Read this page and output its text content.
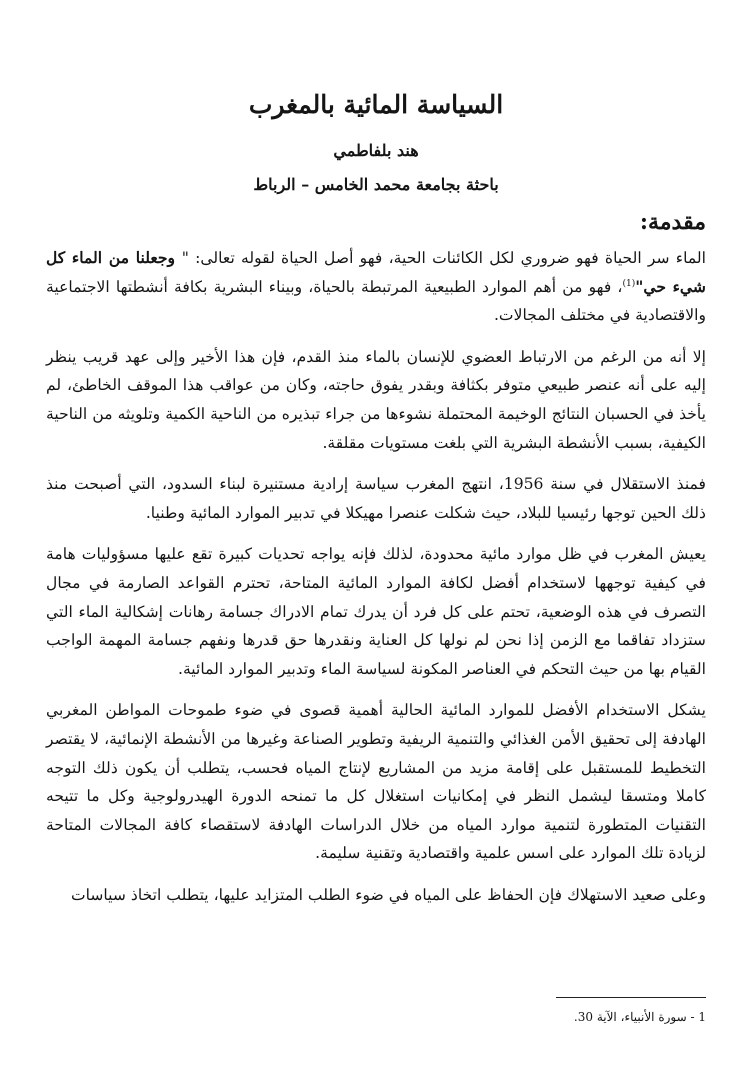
السياسة المائية بالمغرب
هند بلفاطمي
باحثة بجامعة محمد الخامس – الرباط
مقدمة:

الماء سر الحياة فهو ضروري لكل الكائنات الحية، فهو أصل الحياة لقوله تعالى: " وجعلنا من الماء كل شيء حي"$^{(1)}$، فهو من أهم الموارد الطبيعية المرتبطة بالحياة، وبيناء البشرية بكافة أنشطتها الاجتماعية والاقتصادية في مختلف المجالات.

إلا أنه من الرغم من الارتباط العضوي للإنسان بالماء منذ القدم، فإن هذا الأخير وإلى عهد قريب ينظر إليه على أنه عنصر طبيعي متوفر بكثافة وبقدر يفوق حاجته، وكان من عواقب هذا الموقف الخاطئ، لم يأخذ في الحسبان النتائج الوخيمة المحتملة نشوءها من جراء تبذيره من الناحية الكمية وتلويثه من الناحية الكيفية، بسبب الأنشطة البشرية التي بلغت مستويات مقلقة.

فمنذ الاستقلال في سنة 1956، انتهج المغرب سياسة إرادية مستنيرة لبناء السدود، التي أصبحت منذ ذلك الحين توجها رئيسيا للبلاد، حيث شكلت عنصرا مهيكلا في تدبير الموارد المائية وطنيا.

يعيش المغرب في ظل موارد مائية محدودة، لذلك فإنه يواجه تحديات كبيرة تقع عليها مسؤوليات هامة في كيفية توجهها لاستخدام أفضل لكافة الموارد المائية المتاحة، تحترم القواعد الصارمة في مجال التصرف في هذه الوضعية، تحتم على كل فرد أن يدرك تمام الادراك جسامة رهانات إشكالية الماء التي ستزداد تفاقما مع الزمن إذا نحن لم نولها كل العناية ونقدرها حق قدرها ونفهم جسامة المهمة الواجب القيام بها من حيث التحكم في العناصر المكونة لسياسة الماء وتدبير الموارد المائية.

يشكل الاستخدام الأفضل للموارد المائية الحالية أهمية قصوى في ضوء طموحات المواطن المغربي الهادفة إلى تحقيق الأمن الغذائي والتنمية الريفية وتطوير الصناعة وغيرها من الأنشطة الإنمائية، لا يقتصر التخطيط للمستقبل على إقامة مزيد من المشاريع لإنتاج المياه فحسب، يتطلب أن يكون ذلك التوجه كاملا ومتسقا ليشمل النظر في إمكانيات استغلال كل ما تمنحه الدورة الهيدرولوجية وكل ما تتيحه التقنيات المتطورة لتنمية موارد المياه من خلال الدراسات الهادفة لاستقصاء كافة المجالات المتاحة لزيادة تلك الموارد على اسس علمية واقتصادية وتقنية سليمة.

وعلى صعيد الاستهلاك فإن الحفاظ على المياه في ضوء الطلب المتزايد عليها، يتطلب اتخاذ سياسات

1 - سورة الأنبياء، الآية 30.
